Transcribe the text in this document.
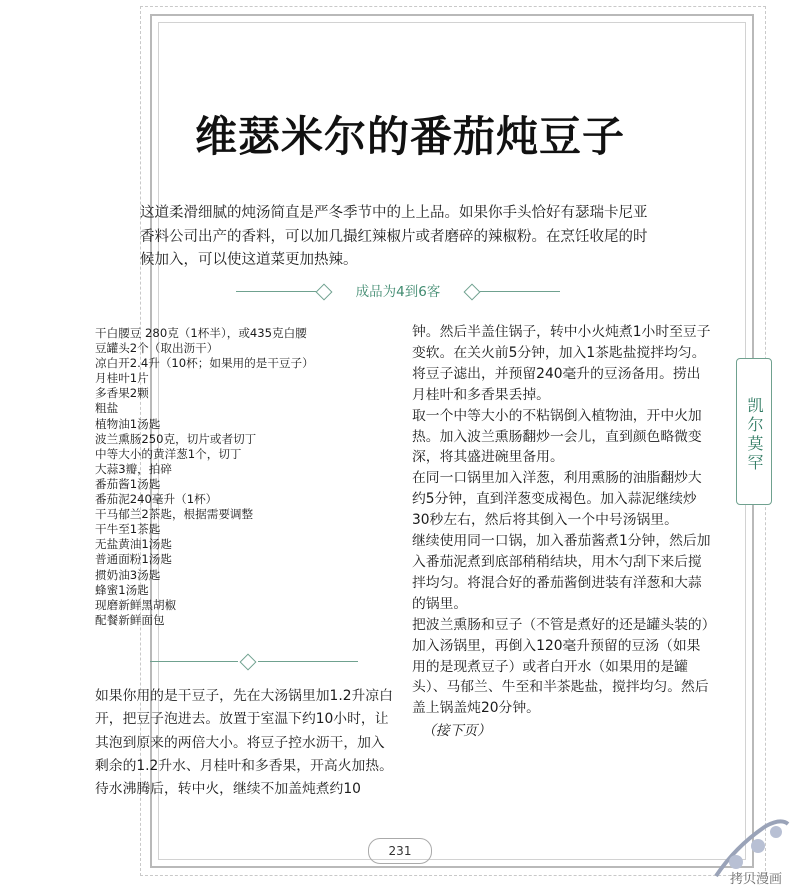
维瑟米尔的番茄炖豆子

这道柔滑细腻的炖汤简直是严冬季节中的上上品。如果你手头恰好有瑟瑞卡尼亚香料公司出产的香料，可以加几撮红辣椒片或者磨碎的辣椒粉。在烹饪收尾的时候加入，可以使这道菜更加热辣。

成品为4到6客

干白腰豆 280克（1杯半），或435克白腰
豆罐头2个（取出沥干）
凉白开2.4升（10杯；如果用的是干豆子）
月桂叶1片
多香果2颗
粗盐
植物油1汤匙
波兰熏肠250克，切片或者切丁
中等大小的黄洋葱1个，切丁
大蒜3瓣，拍碎
番茄酱1汤匙
番茄泥240毫升（1杯）
干马郁兰2茶匙，根据需要调整
干牛至1茶匙
无盐黄油1汤匙
普通面粉1汤匙
掼奶油3汤匙
蜂蜜1汤匙
现磨新鲜黑胡椒
配餐新鲜面包

如果你用的是干豆子，先在大汤锅里加1.2升凉白开，把豆子泡进去。放置于室温下约10小时，让其泡到原来的两倍大小。将豆子控水沥干，加入剩余的1.2升水、月桂叶和多香果，开高火加热。待水沸腾后，转中火，继续不加盖炖煮约10

钟。然后半盖住锅子，转中小火炖煮1小时至豆子变软。在关火前5分钟，加入1茶匙盐搅拌均匀。将豆子滤出，并预留240毫升的豆汤备用。捞出月桂叶和多香果丢掉。

取一个中等大小的不粘锅倒入植物油，开中火加热。加入波兰熏肠翻炒一会儿，直到颜色略微变深，将其盛进碗里备用。

在同一口锅里加入洋葱，利用熏肠的油脂翻炒大约5分钟，直到洋葱变成褐色。加入蒜泥继续炒30秒左右，然后将其倒入一个中号汤锅里。

继续使用同一口锅，加入番茄酱煮1分钟，然后加入番茄泥煮到底部稍稍结块，用木勺刮下来后搅拌均匀。将混合好的番茄酱倒进装有洋葱和大蒜的锅里。

把波兰熏肠和豆子（不管是煮好的还是罐头装的）加入汤锅里，再倒入120毫升预留的豆汤（如果用的是现煮豆子）或者白开水（如果用的是罐头）、马郁兰、牛至和半茶匙盐，搅拌均匀。然后盖上锅盖炖20分钟。

（接下页）

凯尔莫罕
231

拷贝漫画
